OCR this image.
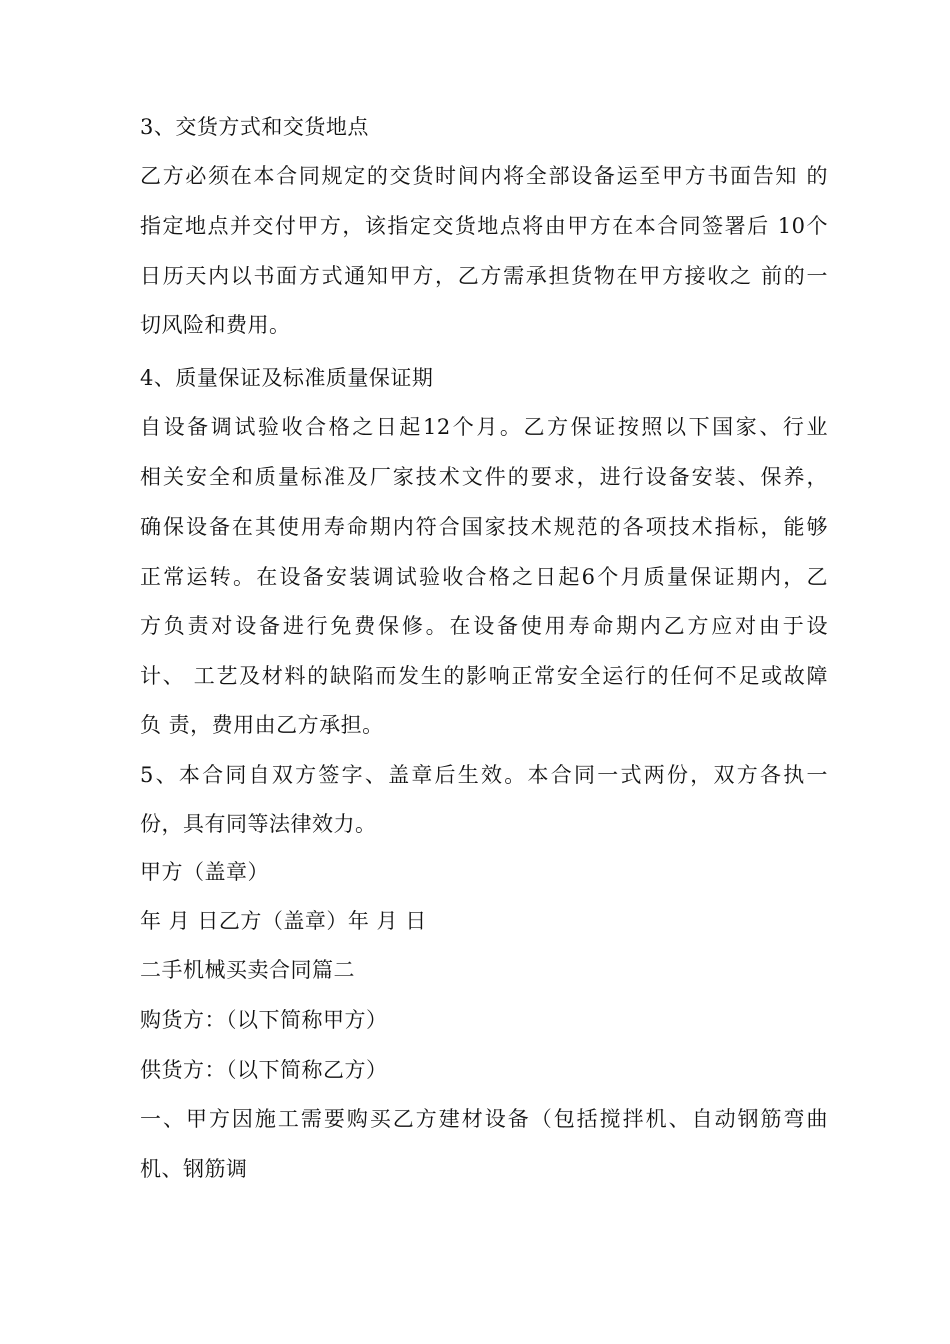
3、交货方式和交货地点
乙方必须在本合同规定的交货时间内将全部设备运至甲方书面告知 的
指定地点并交付甲方，该指定交货地点将由甲方在本合同签署后 10个
日历天内以书面方式通知甲方，乙方需承担货物在甲方接收之 前的一
切风险和费用。
4、质量保证及标准质量保证期
自设备调试验收合格之日起12个月。乙方保证按照以下国家、行业
相关安全和质量标准及厂家技术文件的要求，进行设备安装、保养，
确保设备在其使用寿命期内符合国家技术规范的各项技术指标，能够
正常运转。在设备安装调试验收合格之日起6个月质量保证期内，乙
方负责对设备进行免费保修。在设备使用寿命期内乙方应对由于设
计、 工艺及材料的缺陷而发生的影响正常安全运行的任何不足或故障
负 责，费用由乙方承担。
5、本合同自双方签字、盖章后生效。本合同一式两份，双方各执一
份，具有同等法律效力。
甲方（盖章）
年 月 日乙方（盖章）年 月 日
二手机械买卖合同篇二
购货方：（以下简称甲方）
供货方：（以下简称乙方）
一、甲方因施工需要购买乙方建材设备（包括搅拌机、自动钢筋弯曲
机、钢筋调
